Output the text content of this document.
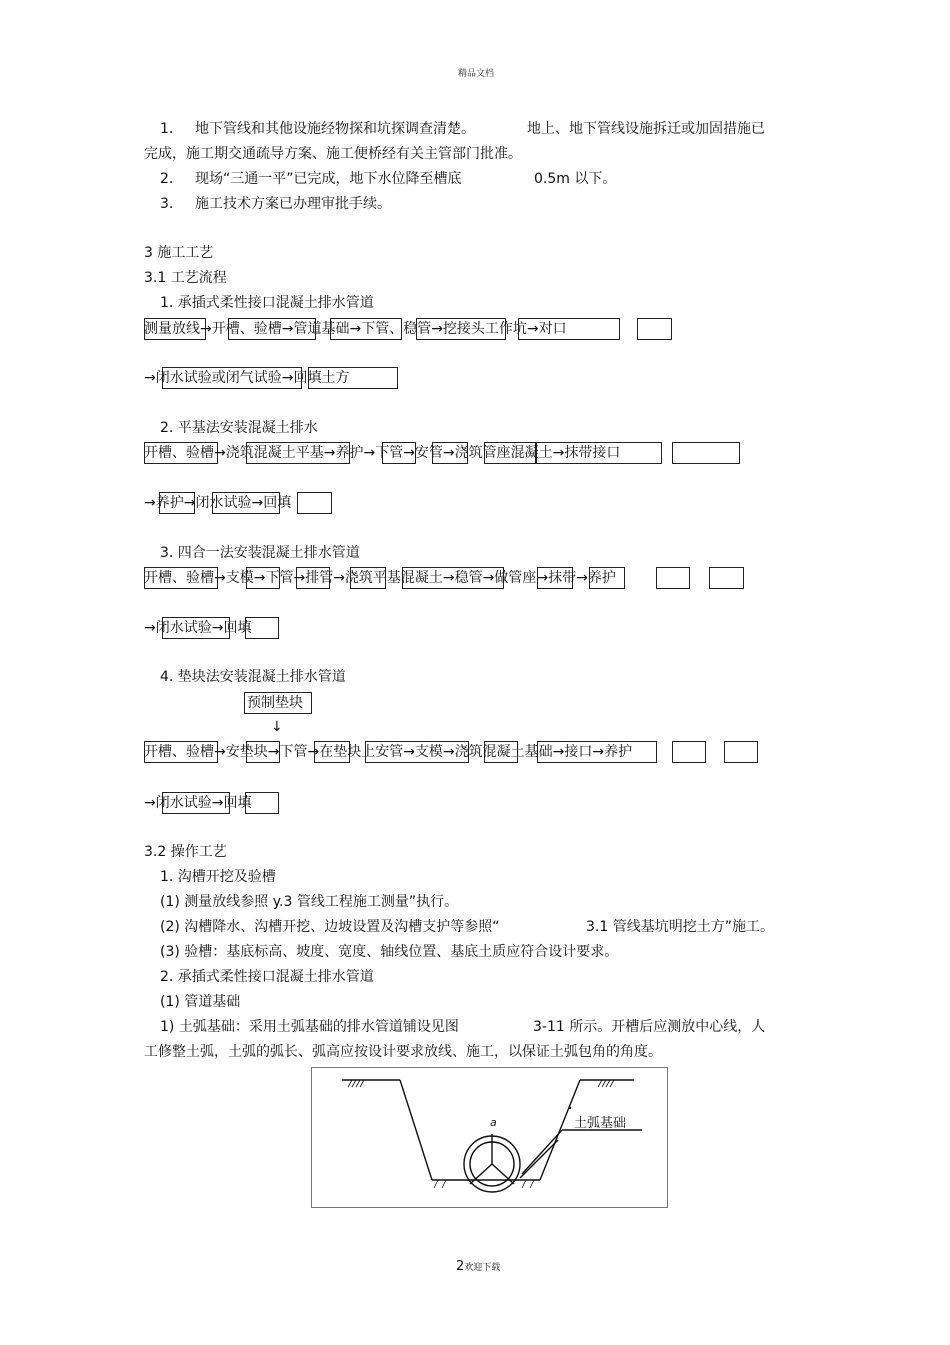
精品文档
1. 地下管线和其他设施经物探和坑探调查清楚。	地上、地下管线设施拆迁或加固措施已
完成，施工期交通疏导方案、施工便桥经有关主管部门批准。
2. 现场“三通一平”已完成，地下水位降至槽底	0.5m 以下。
3. 施工技术方案已办理审批手续。
3 施工工艺
3.1 工艺流程
1. 承插式柔性接口混凝土排水管道
测量放线→开槽、验槽→管道基础→下管、稳管→挖接头工作坑→对口
→闭水试验或闭气试验→回填土方
2. 平基法安装混凝土排水
开槽、验槽→浇筑混凝土平基→养护→下管→安管→浇筑管座混凝土→抹带接口
→养护→闭水试验→回填
3. 四合一法安装混凝土排水管道
开槽、验槽→支模→下管→排管→浇筑平基混凝土→稳管→做管座→抹带→养护
→闭水试验→回填
4. 垫块法安装混凝土排水管道
预制垫块
↓
开槽、验槽→安垫块→下管→在垫块上安管→支模→浇筑混凝土基础→接口→养护
→闭水试验→回填
3.2 操作工艺
1. 沟槽开挖及验槽
(1) 测量放线参照 y.3 管线工程施工测量”执行。
(2) 沟槽降水、沟槽开挖、边坡设置及沟槽支护等参照“	3.1 管线基坑明挖土方”施工。
(3) 验槽：基底标高、坡度、宽度、轴线位置、基底土质应符合设计要求。
2. 承插式柔性接口混凝土排水管道
(1) 管道基础
1) 土弧基础：采用土弧基础的排水管道铺设见图	3-11 所示。开槽后应测放中心线，人
工修整土弧，土弧的弧长、弧高应按设计要求放线、施工，以保证土弧包角的角度。
土弧基础
a
2欢迎下载
